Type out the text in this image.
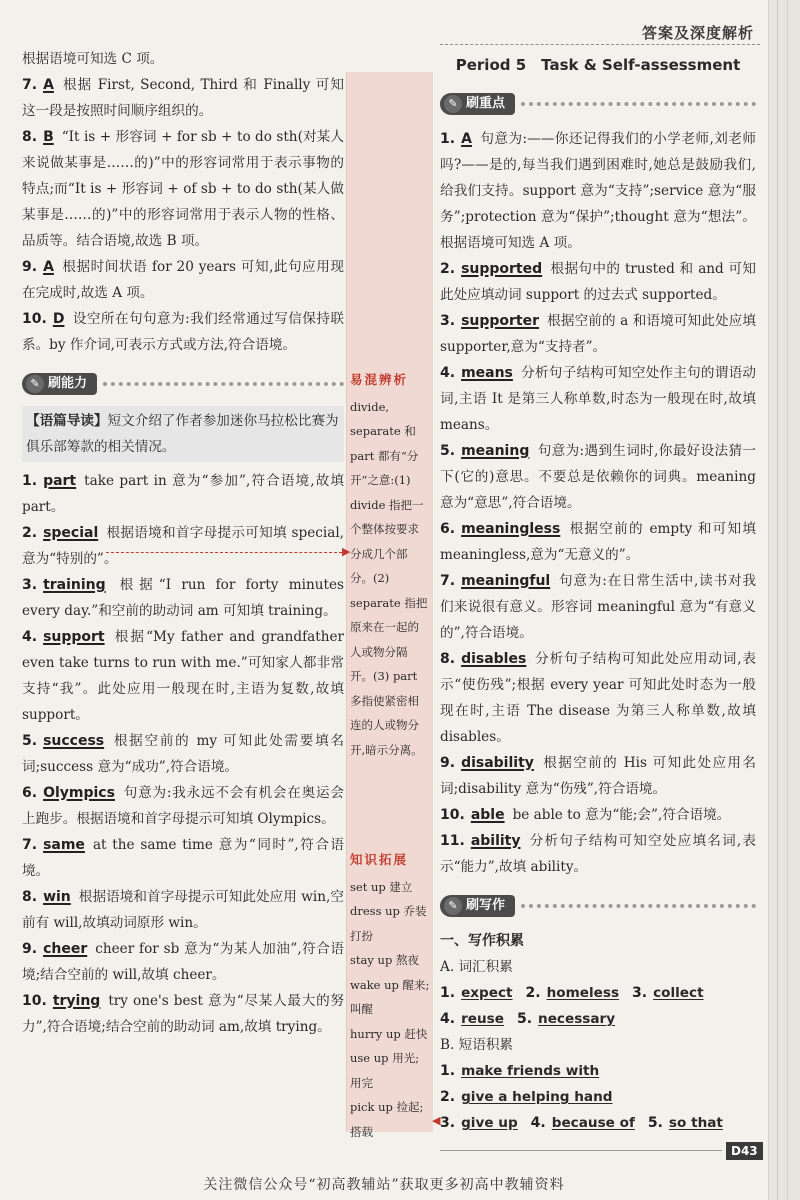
答案及深度解析
易混辨析

divide, separate 和 part 都有“分开”之意:(1) divide 指把一个整体按要求分成几个部分。(2) separate 指把原来在一起的人或物分隔开。(3) part 多指使紧密相连的人或物分开,暗示分离。

知识拓展

set up 建立

dress up 乔装打扮

stay up 熬夜

wake up 醒来;叫醒

hurry up 赶快

use up 用光;用完

pick up 捡起;搭载

▶
◀

根据语境可知选 C 项。

7. A 根据 First, Second, Third 和 Finally 可知这一段是按照时间顺序组织的。

8. B “It is + 形容词 + for sb + to do sth(对某人来说做某事是……的)”中的形容词常用于表示事物的特点;而“It is + 形容词 + of sb + to do sth(某人做某事是……的)”中的形容词常用于表示人物的性格、品质等。结合语境,故选 B 项。

9. A 根据时间状语 for 20 years 可知,此句应用现在完成时,故选 A 项。

10. D 设空所在句句意为:我们经常通过写信保持联系。by 作介词,可表示方式或方法,符合语境。

✎ 刷能力
【语篇导读】短文介绍了作者参加迷你马拉松比赛为俱乐部筹款的相关情况。

1. part take part in 意为“参加”,符合语境,故填 part。

2. special 根据语境和首字母提示可知填 special,意为“特别的”。

3. training 根据“I run for forty minutes every day.”和空前的助动词 am 可知填 training。

4. support 根据“My father and grandfather even take turns to run with me.”可知家人都非常支持“我”。此处应用一般现在时,主语为复数,故填 support。

5. success 根据空前的 my 可知此处需要填名词;success 意为“成功”,符合语境。

6. Olympics 句意为:我永远不会有机会在奥运会上跑步。根据语境和首字母提示可知填 Olympics。

7. same at the same time 意为“同时”,符合语境。

8. win 根据语境和首字母提示可知此处应用 win,空前有 will,故填动词原形 win。

9. cheer cheer for sb 意为“为某人加油”,符合语境;结合空前的 will,故填 cheer。

10. trying try one's best 意为“尽某人最大的努力”,符合语境;结合空前的助动词 am,故填 trying。

Period 5　Task & Self-assessment
✎ 刷重点

1. A 句意为:——你还记得我们的小学老师,刘老师吗?——是的,每当我们遇到困难时,她总是鼓励我们,给我们支持。support 意为“支持”;service 意为“服务”;protection 意为“保护”;thought 意为“想法”。根据语境可知选 A 项。

2. supported 根据句中的 trusted 和 and 可知此处应填动词 support 的过去式 supported。

3. supporter 根据空前的 a 和语境可知此处应填 supporter,意为“支持者”。

4. means 分析句子结构可知空处作主句的谓语动词,主语 It 是第三人称单数,时态为一般现在时,故填 means。

5. meaning 句意为:遇到生词时,你最好设法猜一下(它的)意思。不要总是依赖你的词典。meaning 意为“意思”,符合语境。

6. meaningless 根据空前的 empty 和可知填 meaningless,意为“无意义的”。

7. meaningful 句意为:在日常生活中,读书对我们来说很有意义。形容词 meaningful 意为“有意义的”,符合语境。

8. disables 分析句子结构可知此处应用动词,表示“使伤残”;根据 every year 可知此处时态为一般现在时,主语 The disease 为第三人称单数,故填 disables。

9. disability 根据空前的 His 可知此处应用名词;disability 意为“伤残”,符合语境。

10. able be able to 意为“能;会”,符合语境。

11. ability 分析句子结构可知空处应填名词,表示“能力”,故填 ability。

✎ 刷写作

一、写作积累

A. 词汇积累

1. expect 2. homeless 3. collect

4. reuse 5. necessary

B. 短语积累

1. make friends with

2. give a helping hand

3. give up 4. because of 5. so that

D43
关注微信公众号“初高教辅站”获取更多初高中教辅资料
